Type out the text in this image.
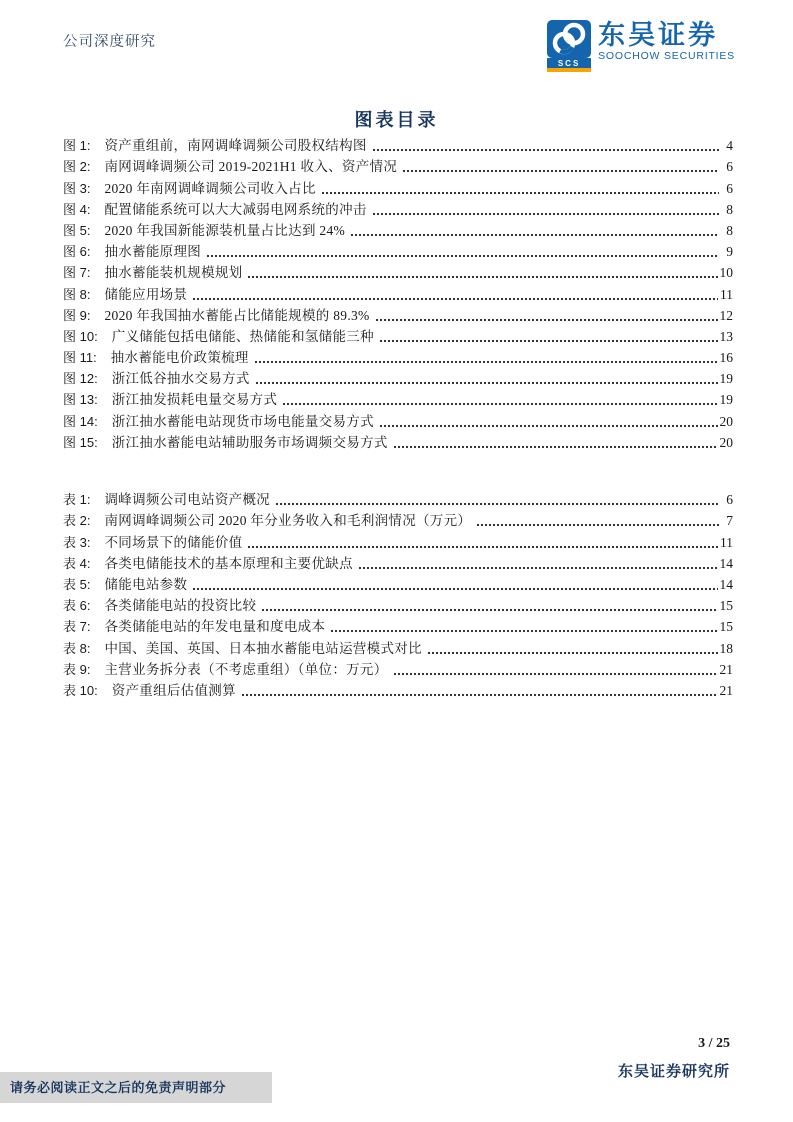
公司深度研究
SCS
东吴证券
SOOCHOW SECURITIES
图表目录
图 1: 资产重组前，南网调峰调频公司股权结构图	4
图 2: 南网调峰调频公司 2019-2021H1 收入、资产情况	6
图 3: 2020 年南网调峰调频公司收入占比	6
图 4: 配置储能系统可以大大减弱电网系统的冲击	8
图 5: 2020 年我国新能源装机量占比达到 24%	8
图 6: 抽水蓄能原理图	9
图 7: 抽水蓄能装机规模规划	10
图 8: 储能应用场景	11
图 9: 2020 年我国抽水蓄能占比储能规模的 89.3%	12
图 10: 广义储能包括电储能、热储能和氢储能三种	13
图 11: 抽水蓄能电价政策梳理	16
图 12: 浙江低谷抽水交易方式	19
图 13: 浙江抽发损耗电量交易方式	19
图 14: 浙江抽水蓄能电站现货市场电能量交易方式	20
图 15: 浙江抽水蓄能电站辅助服务市场调频交易方式	20
表 1: 调峰调频公司电站资产概况	6
表 2: 南网调峰调频公司 2020 年分业务收入和毛利润情况（万元）	7
表 3: 不同场景下的储能价值	11
表 4: 各类电储能技术的基本原理和主要优缺点	14
表 5: 储能电站参数	14
表 6: 各类储能电站的投资比较	15
表 7: 各类储能电站的年发电量和度电成本	15
表 8: 中国、美国、英国、日本抽水蓄能电站运营模式对比	18
表 9: 主营业务拆分表（不考虑重组）（单位：万元）	21
表 10: 资产重组后估值测算	21
3 / 25
东吴证券研究所
请务必阅读正文之后的免责声明部分
